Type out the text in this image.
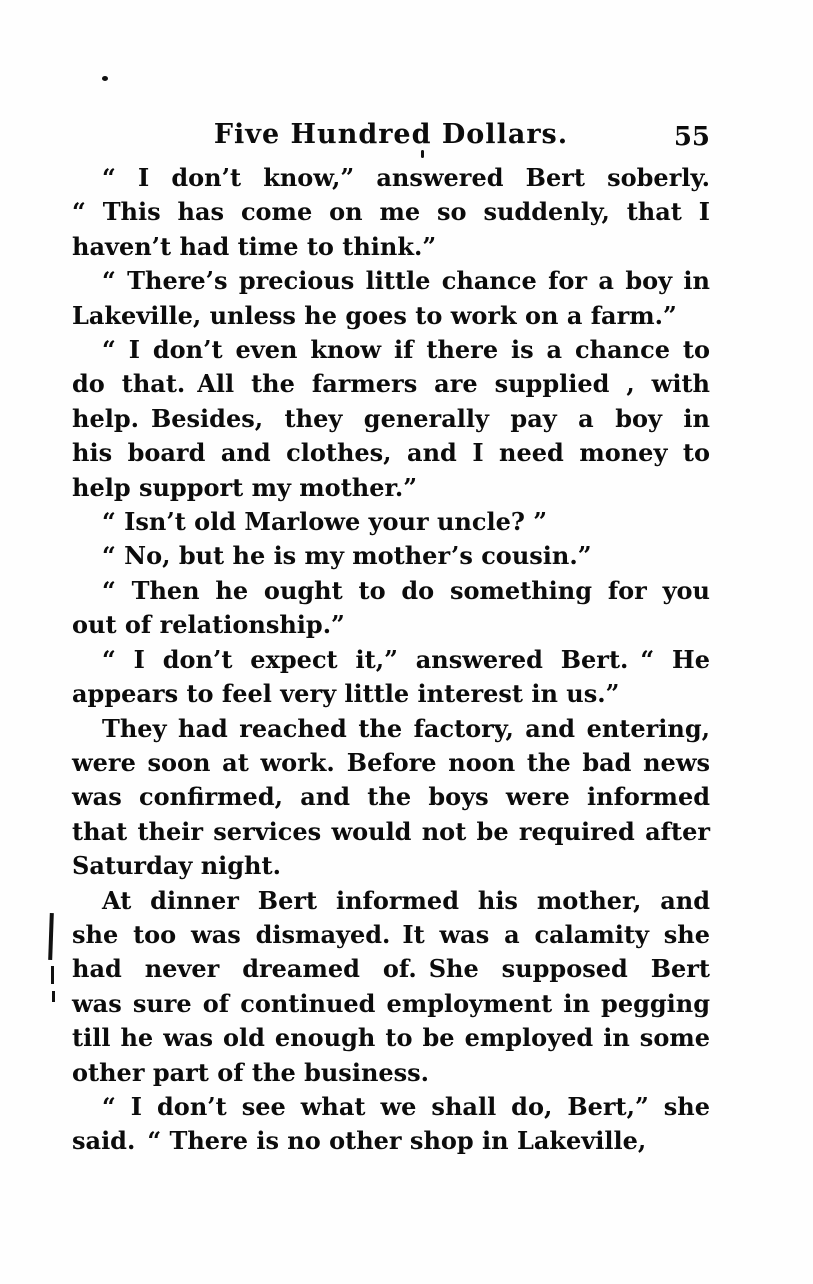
Five Hundred Dollars.	55

“ I don’t know,” answered Bert soberly.
“ This has come on me so suddenly, that I
haven’t had time to think.”

“ There’s precious little chance for a boy in
Lakeville, unless he goes to work on a farm.”

“ I don’t even know if there is a chance to
do that. All the farmers are supplied , with
help. Besides, they generally pay a boy in
his board and clothes, and I need money to
help support my mother.”

“ Isn’t old Marlowe your uncle? ”

“ No, but he is my mother’s cousin.”

“ Then he ought to do something for you
out of relationship.”

“ I don’t expect it,” answered Bert. “ He
appears to feel very little interest in us.”

They had reached the factory, and entering,
were soon at work. Before noon the bad news
was confirmed, and the boys were informed
that their services would not be required after
Saturday night.

At dinner Bert informed his mother, and
she too was dismayed. It was a calamity she
had never dreamed of. She supposed Bert
was sure of continued employment in pegging
till he was old enough to be employed in some
other part of the business.

“ I don’t see what we shall do, Bert,” she
said. “ There is no other shop in Lakeville,
